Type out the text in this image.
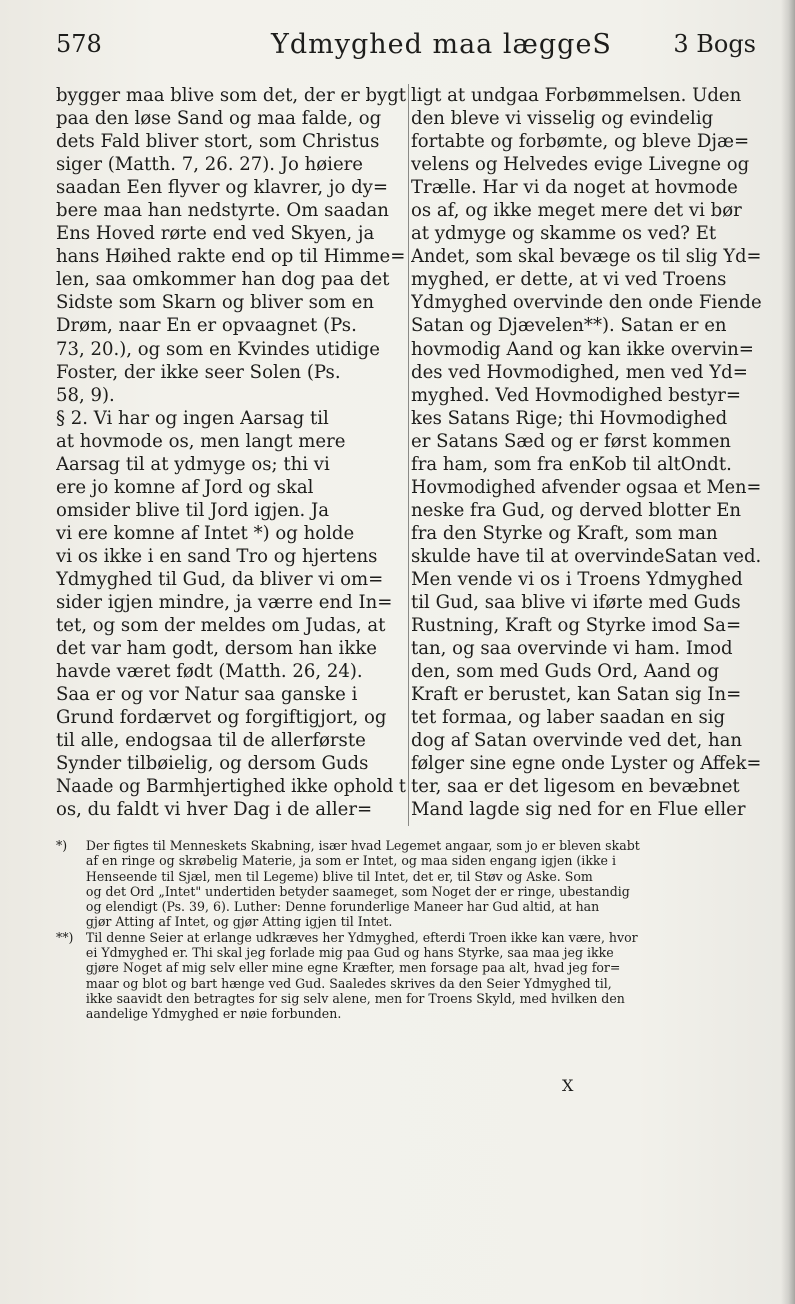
578	Ydmyghed maa læggeS	3 Bogs
bygger maa blive som det, der er bygt
paa den løse Sand og maa falde, og
dets Fald bliver stort, som Christus
siger (Matth. 7, 26. 27). Jo høiere
saadan Een flyver og klavrer, jo dy=
bere maa han nedstyrte. Om saadan
Ens Hoved rørte end ved Skyen, ja
hans Høihed rakte end op til Himme=
len, saa omkommer han dog paa det
Sidste som Skarn og bliver som en
Drøm, naar En er opvaagnet (Ps.
73, 20.), og som en Kvindes utidige
Foster, der ikke seer Solen (Ps.
58, 9).
§ 2. Vi har og ingen Aarsag til
at hovmode os, men langt mere
Aarsag til at ydmyge os; thi vi
ere jo komne af Jord og skal
omsider blive til Jord igjen. Ja
vi ere komne af Intet *) og holde
vi os ikke i en sand Tro og hjertens
Ydmyghed til Gud, da bliver vi om=
sider igjen mindre, ja værre end In=
tet, og som der meldes om Judas, at
det var ham godt, dersom han ikke
havde været født (Matth. 26, 24).
Saa er og vor Natur saa ganske i
Grund fordærvet og forgiftigjort, og
til alle, endogsaa til de allerførste
Synder tilbøielig, og dersom Guds
Naade og Barmhjertighed ikke ophold t
os, du faldt vi hver Dag i de aller=
ligt at undgaa Forbømmelsen. Uden
den bleve vi visselig og evindelig
fortabte og forbømte, og bleve Djæ=
velens og Helvedes evige Livegne og
Trælle. Har vi da noget at hovmode
os af, og ikke meget mere det vi bør
at ydmyge og skamme os ved? Et
Andet, som skal bevæge os til slig Yd=
myghed, er dette, at vi ved Troens
Ydmyghed overvinde den onde Fiende
Satan og Djævelen**). Satan er en
hovmodig Aand og kan ikke overvin=
des ved Hovmodighed, men ved Yd=
myghed. Ved Hovmodighed bestyr=
kes Satans Rige; thi Hovmodighed
er Satans Sæd og er først kommen
fra ham, som fra enKob til altOndt.
Hovmodighed afvender ogsaa et Men=
neske fra Gud, og derved blotter En
fra den Styrke og Kraft, som man
skulde have til at overvindeSatan ved.
Men vende vi os i Troens Ydmyghed
til Gud, saa blive vi iførte med Guds
Rustning, Kraft og Styrke imod Sa=
tan, og saa overvinde vi ham. Imod
den, som med Guds Ord, Aand og
Kraft er berustet, kan Satan sig In=
tet formaa, og laber saadan en sig
dog af Satan overvinde ved det, han
følger sine egne onde Lyster og Affek=
ter, saa er det ligesom en bevæbnet
Mand lagde sig ned for en Flue eller
*) Der figtes til Menneskets Skabning, især hvad Legemet angaar, som jo er bleven skabt
af en ringe og skrøbelig Materie, ja som er Intet, og maa siden engang igjen (ikke i
Henseende til Sjæl, men til Legeme) blive til Intet, det er, til Støv og Aske. Som
og det Ord „Intet" undertiden betyder saameget, som Noget der er ringe, ubestandig
og elendigt (Ps. 39, 6). Luther: Denne forunderlige Maneer har Gud altid, at han
gjør Atting af Intet, og gjør Atting igjen til Intet.
**) Til denne Seier at erlange udkræves her Ydmyghed, efterdi Troen ikke kan være, hvor
ei Ydmyghed er. Thi skal jeg forlade mig paa Gud og hans Styrke, saa maa jeg ikke
gjøre Noget af mig selv eller mine egne Kræfter, men forsage paa alt, hvad jeg for=
maar og blot og bart hænge ved Gud. Saaledes skrives da den Seier Ydmyghed til,
ikke saavidt den betragtes for sig selv alene, men for Troens Skyld, med hvilken den
aandelige Ydmyghed er nøie forbunden.
X
